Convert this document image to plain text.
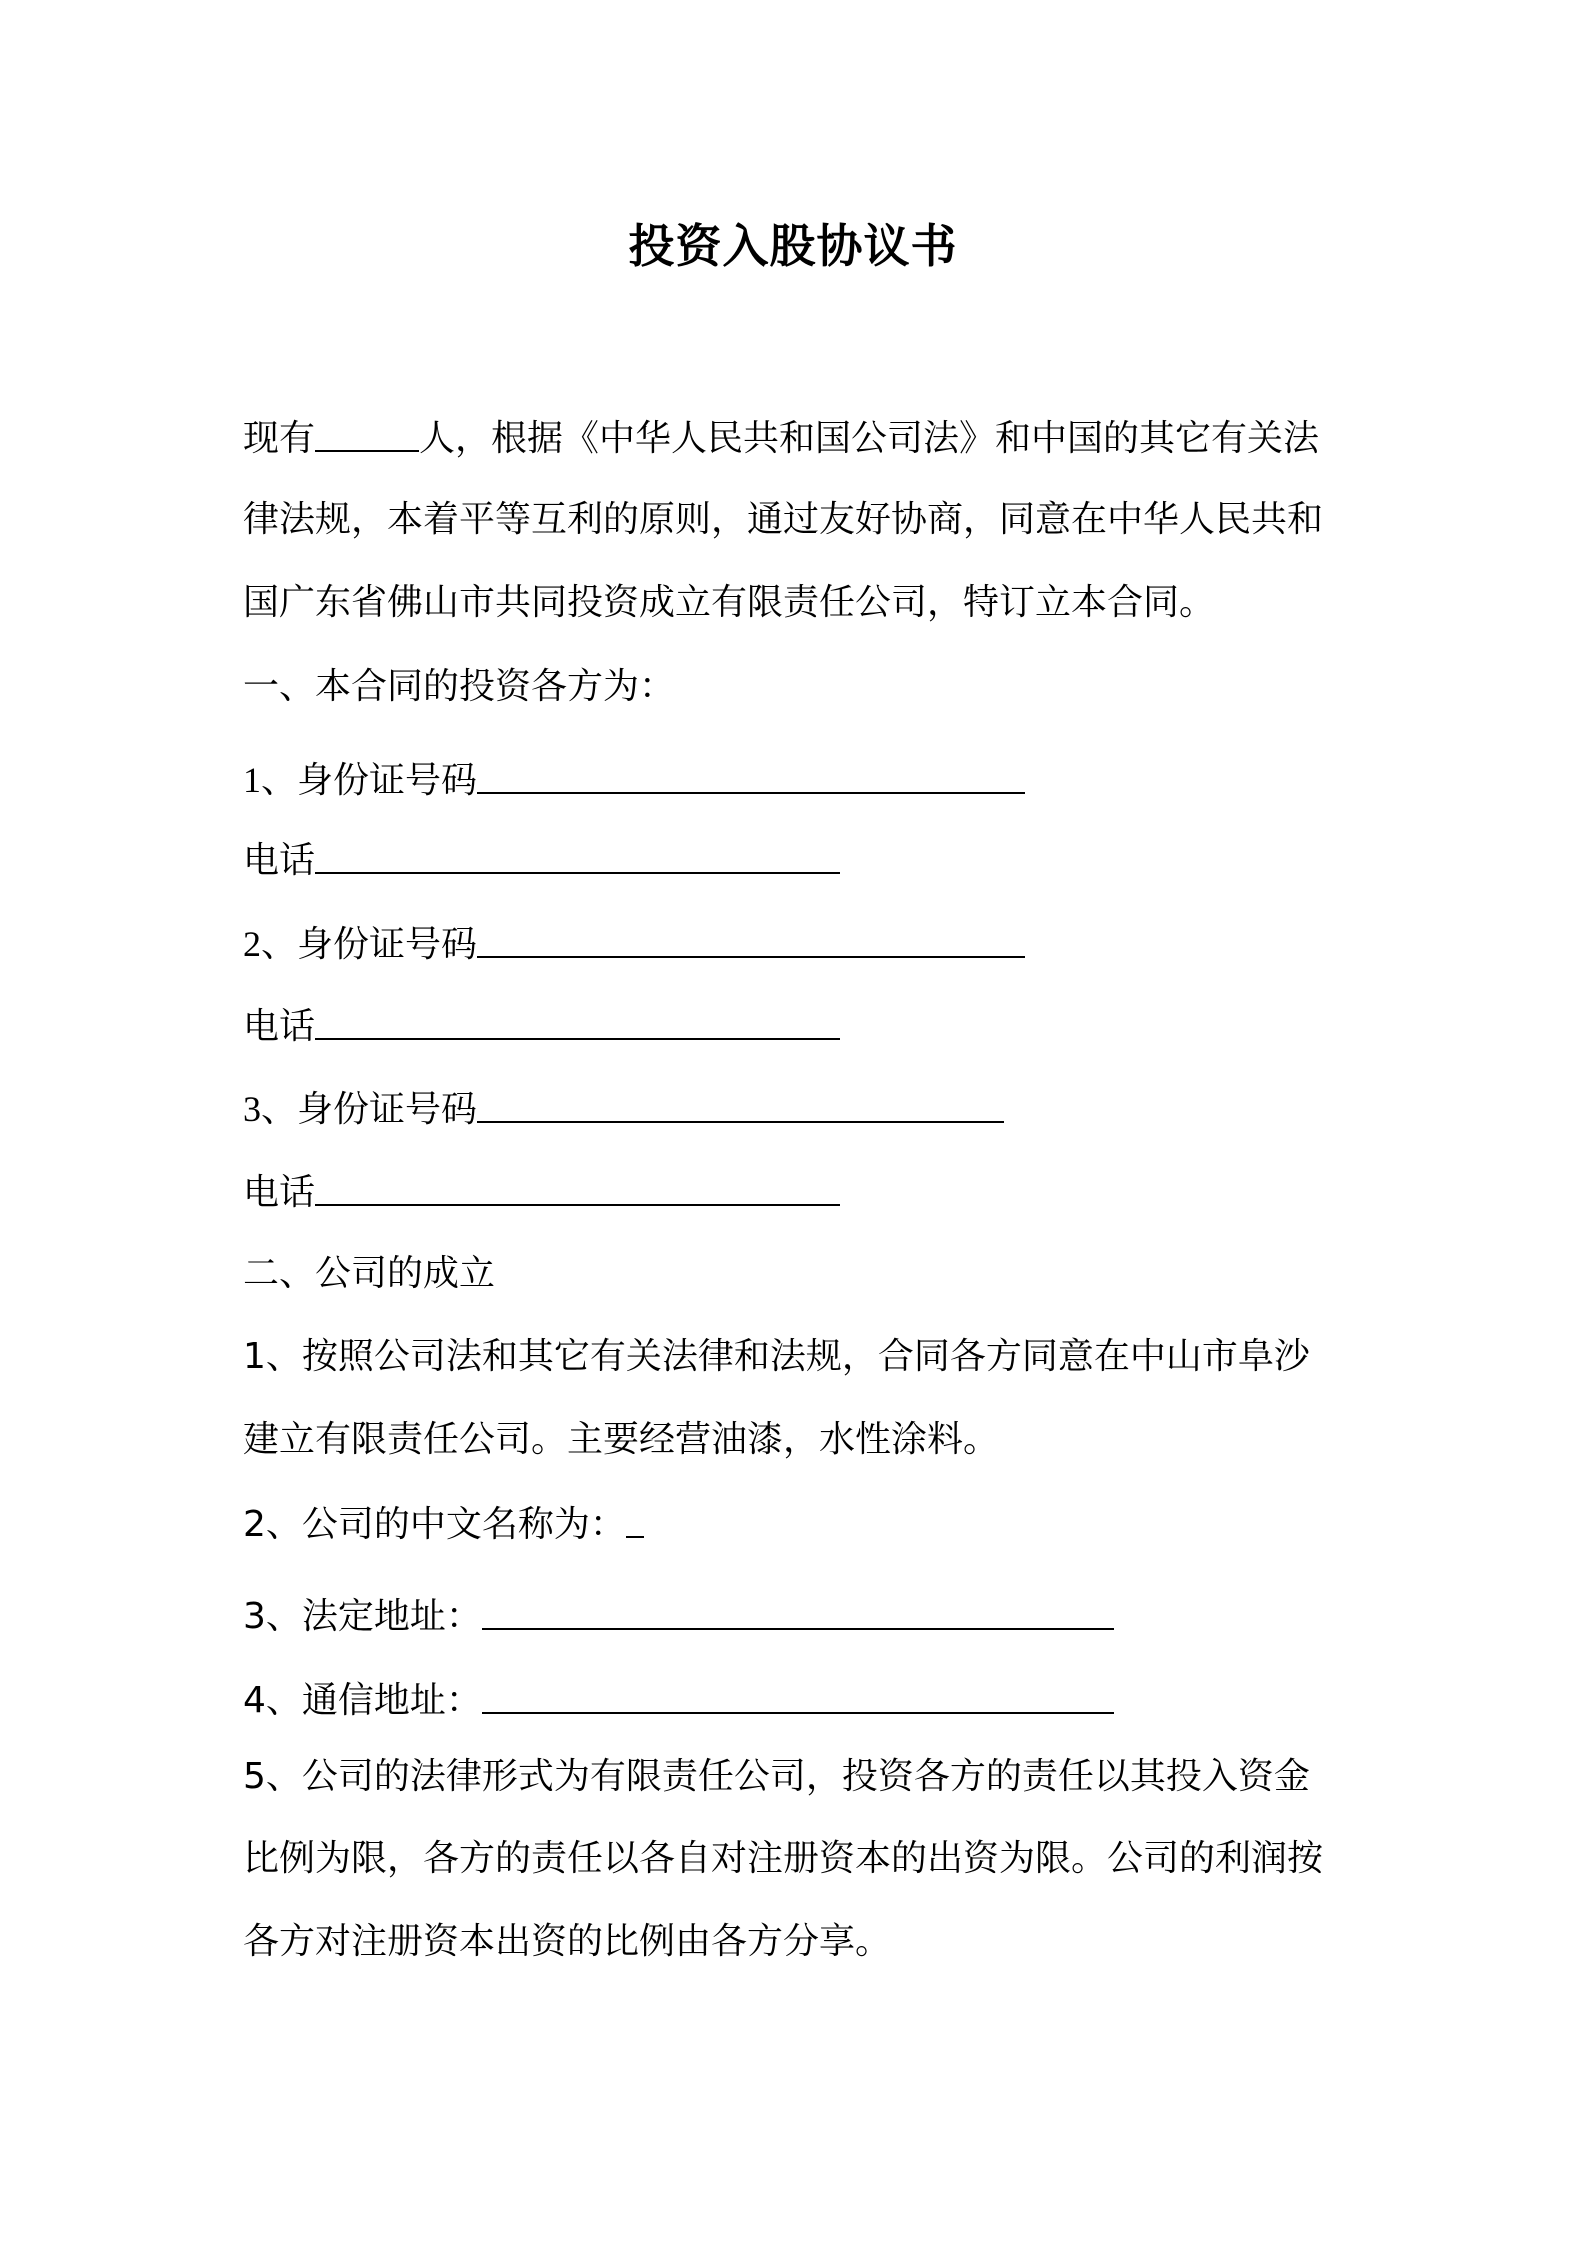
投资入股协议书

现有	人，根据《中华人民共和国公司法》和中国的其它有关法

律法规，本着平等互利的原则，通过友好协商，同意在中华人民共和

国广东省佛山市共同投资成立有限责任公司，特订立本合同。

一、本合同的投资各方为：

1、身份证号码

电话

2、身份证号码

电话

3、身份证号码

电话

二、公司的成立

1、按照公司法和其它有关法律和法规，合同各方同意在中山市阜沙

建立有限责任公司。主要经营油漆，水性涂料。

2、公司的中文名称为：

3、法定地址：

4、通信地址：

5、公司的法律形式为有限责任公司，投资各方的责任以其投入资金

比例为限，各方的责任以各自对注册资本的出资为限。公司的利润按

各方对注册资本出资的比例由各方分享。
